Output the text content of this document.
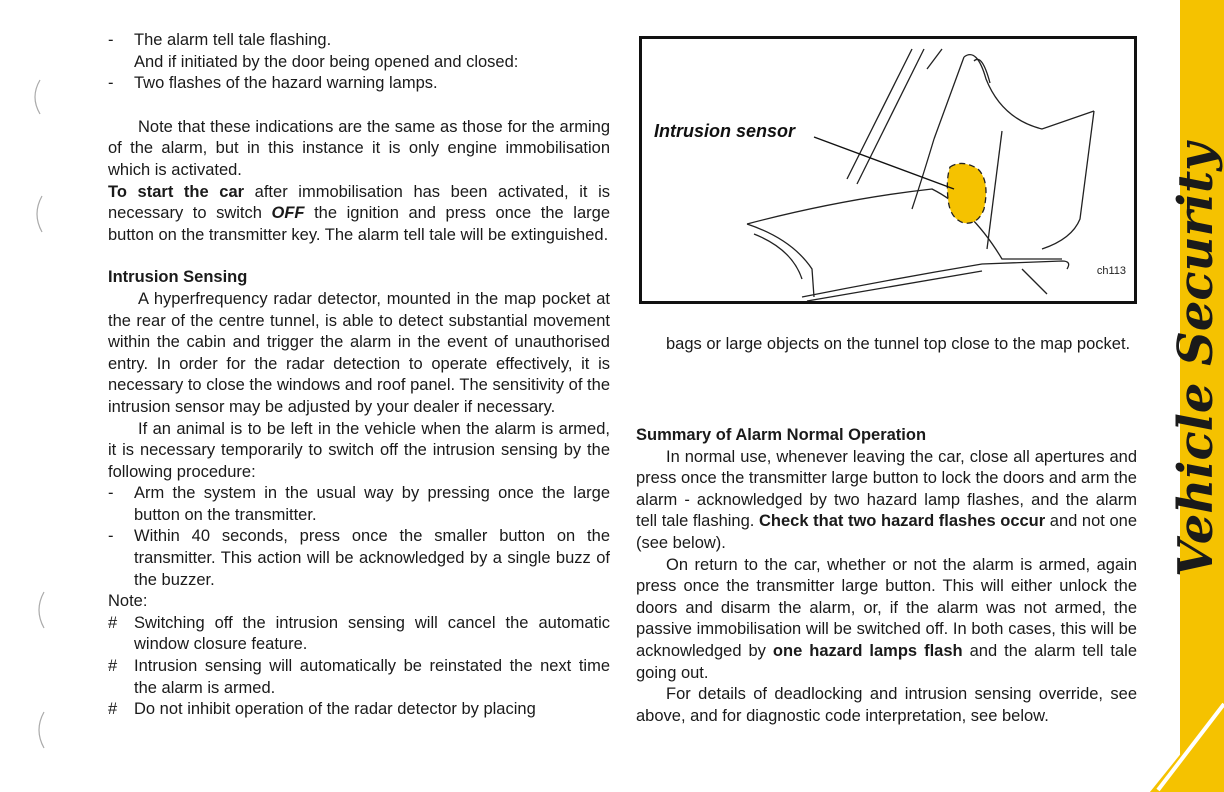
- The alarm tell tale flashing.
And if initiated by the door being opened and closed:
- Two flashes of the hazard warning lamps.

Note that these indications are the same as those for the arming of the alarm, but in this instance it is only engine immobilisation which is activated.

To start the car after immobilisation has been activated, it is necessary to switch OFF the ignition and press once the large button on the transmitter key. The alarm tell tale will be extinguished.

Intrusion Sensing

A hyperfrequency radar detector, mounted in the map pocket at the rear of the centre tunnel, is able to detect substantial movement within the cabin and trigger the alarm in the event of unauthorised entry. In order for the radar detection to operate effectively, it is necessary to close the windows and roof panel. The sensitivity of the intrusion sensor may be adjusted by your dealer if necessary.

If an animal is to be left in the vehicle when the alarm is armed, it is necessary temporarily to switch off the intrusion sensing by the following procedure:

- Arm the system in the usual way by pressing once the large button on the transmitter.
- Within 40 seconds, press once the smaller button on the transmitter. This action will be acknowledged by a single buzz of the buzzer.

Note:

# Switching off the intrusion sensing will cancel the automatic window closure feature.
# Intrusion sensing will automatically be reinstated the next time the alarm is armed.
# Do not inhibit operation of the radar detector by placing
Intrusion sensor
ch113

bags or large objects on the tunnel top close to the map pocket.

Summary of Alarm Normal Operation

In normal use, whenever leaving the car, close all apertures and press once the transmitter large button to lock the doors and arm the alarm - acknowledged by two hazard lamp flashes, and the alarm tell tale flashing. Check that two hazard flashes occur and not one (see below).

On return to the car, whether or not the alarm is armed, again press once the transmitter large button. This will either unlock the doors and disarm the alarm, or, if the alarm was not armed, the passive immobilisation will be switched off. In both cases, this will be acknowledged by one hazard lamps flash and the alarm tell tale going out.

For details of deadlocking and intrusion sensing override, see above, and for diagnostic code interpretation, see below.

Vehicle Security
